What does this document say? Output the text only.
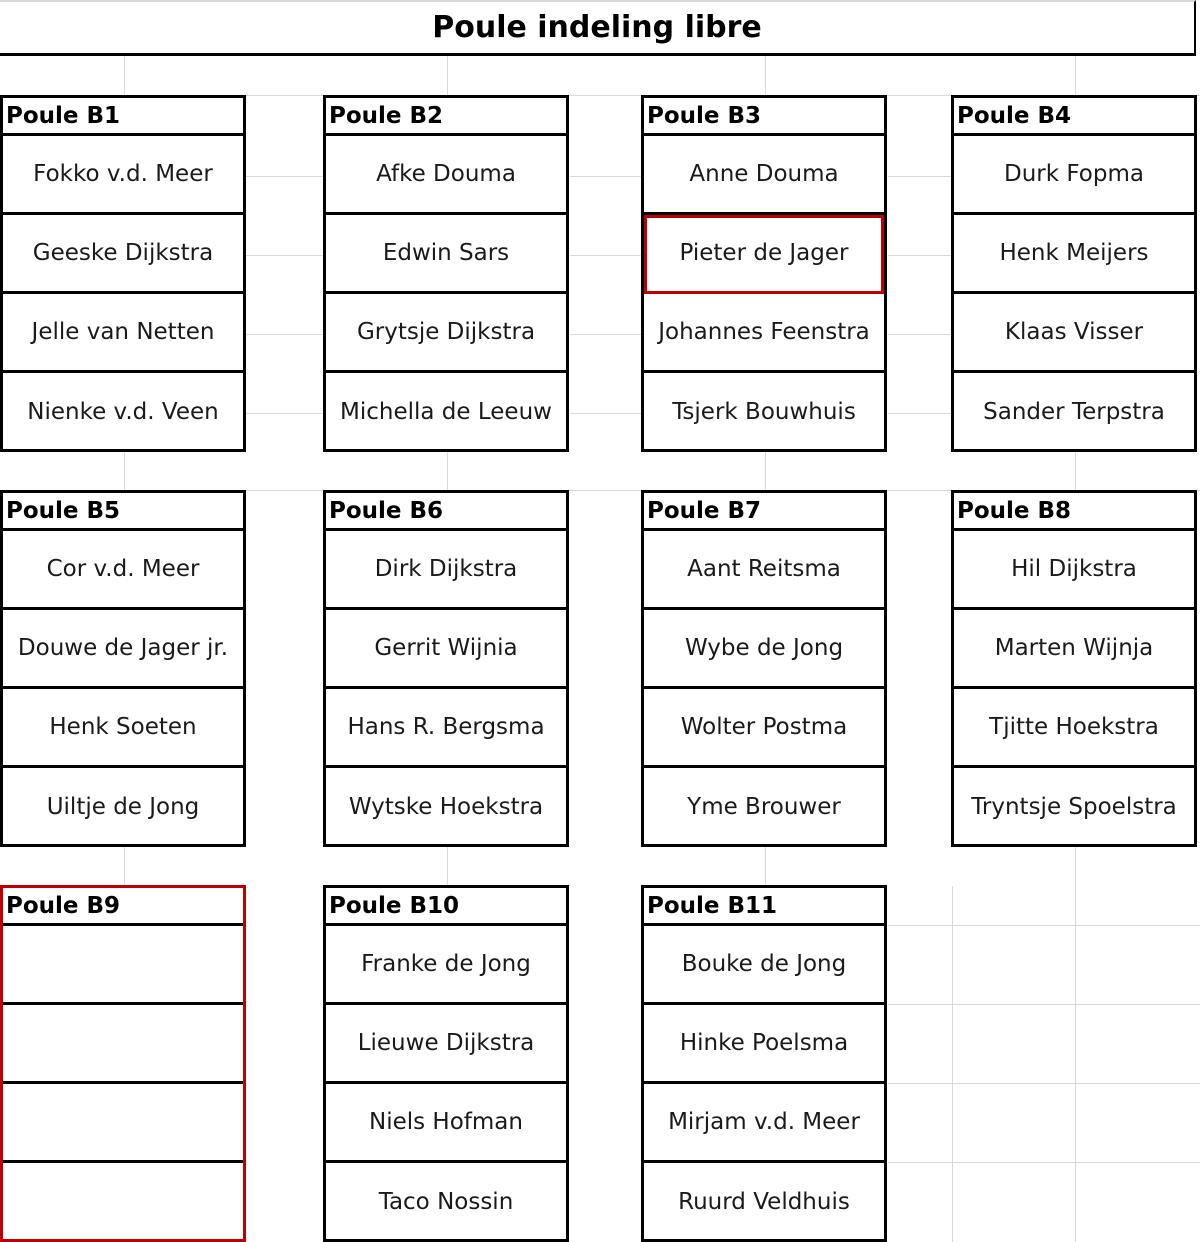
Poule indeling libre
Poule B1
Fokko v.d. Meer
Geeske Dijkstra
Jelle van Netten
Nienke v.d. Veen
Poule B2
Afke Douma
Edwin Sars
Grytsje Dijkstra
Michella de Leeuw
Poule B3
Anne Douma
Pieter de Jager
Johannes Feenstra
Tsjerk Bouwhuis
Poule B4
Durk Fopma
Henk Meijers
Klaas Visser
Sander Terpstra
Poule B5
Cor v.d. Meer
Douwe de Jager jr.
Henk Soeten
Uiltje de Jong
Poule B6
Dirk Dijkstra
Gerrit Wijnia
Hans R. Bergsma
Wytske Hoekstra
Poule B7
Aant Reitsma
Wybe de Jong
Wolter Postma
Yme Brouwer
Poule B8
Hil Dijkstra
Marten Wijnja
Tjitte Hoekstra
Tryntsje Spoelstra
Poule B9	Poule B10
Franke de Jong
Lieuwe Dijkstra
Niels Hofman
Taco Nossin
Poule B11
Bouke de Jong
Hinke Poelsma
Mirjam v.d. Meer
Ruurd Veldhuis
